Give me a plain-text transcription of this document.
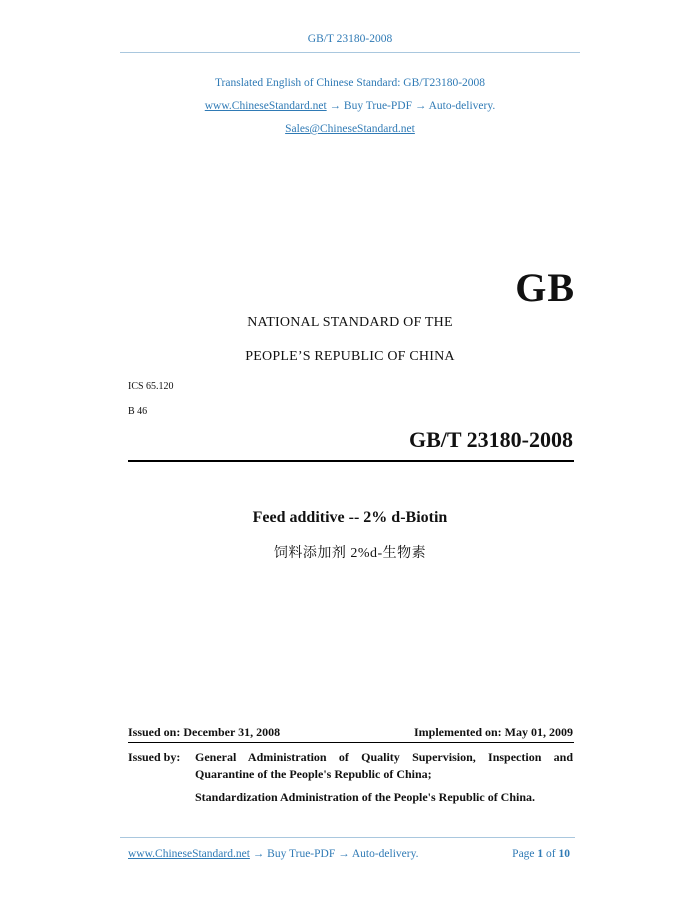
GB/T 23180-2008
Translated English of Chinese Standard: GB/T23180-2008
www.ChineseStandard.net → Buy True-PDF → Auto-delivery.
Sales@ChineseStandard.net
GB
NATIONAL STANDARD OF THE
PEOPLE’S REPUBLIC OF CHINA
ICS 65.120
B 46
GB/T 23180-2008
Feed additive -- 2% d-Biotin
饲料添加剂 2%d-生物素
Issued on: December 31, 2008	Implemented on: May 01, 2009
Issued by: General Administration of Quality Supervision, Inspection and
Quarantine of the People's Republic of China;
Standardization Administration of the People's Republic of China.
www.ChineseStandard.net → Buy True-PDF → Auto-delivery.	Page 1 of 10
